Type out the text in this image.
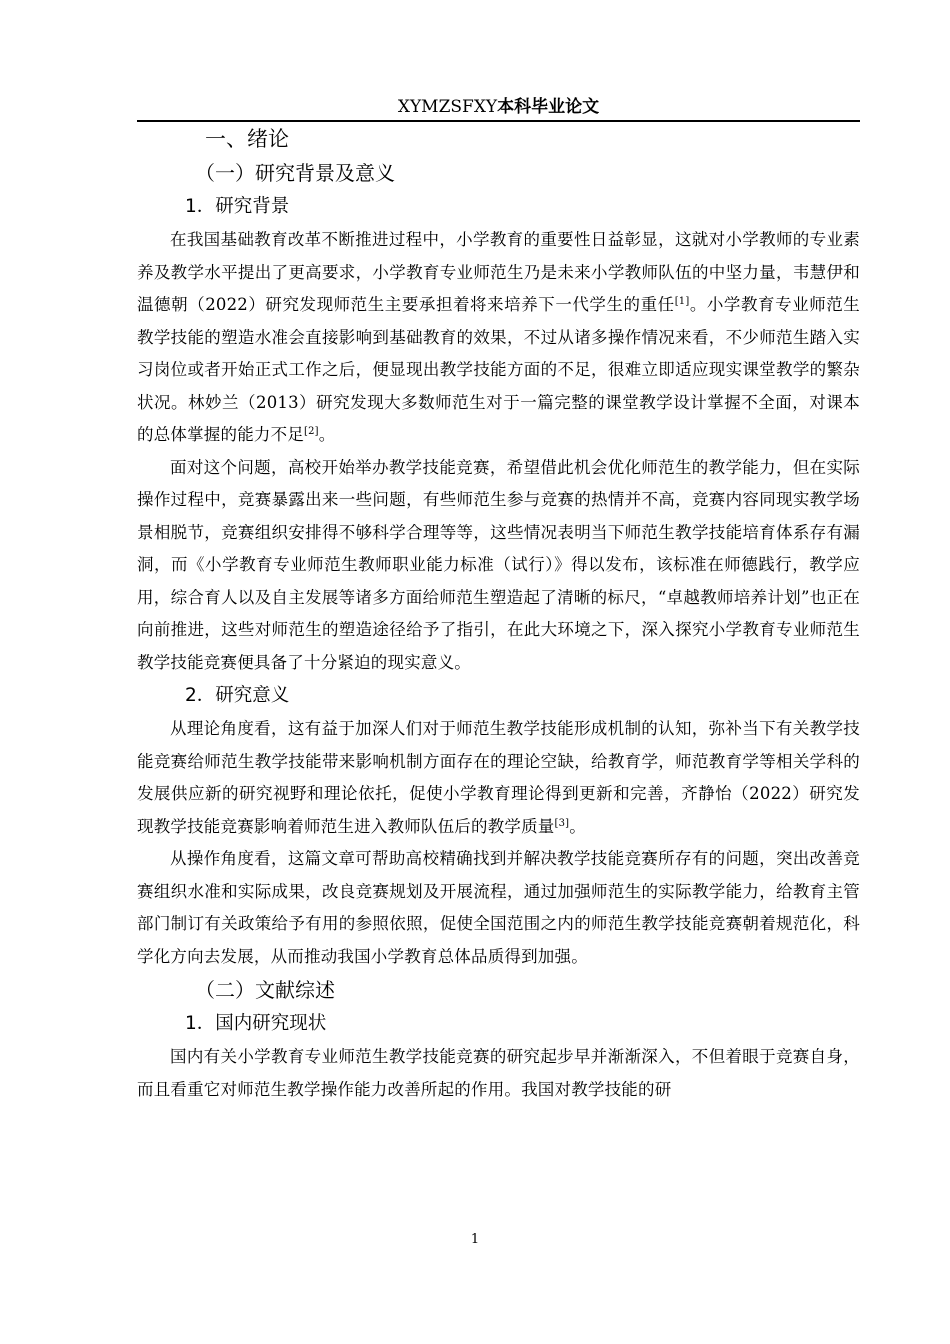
XYMZSFXY本科毕业论文

一、绪论

（一）研究背景及意义

1．研究背景

在我国基础教育改革不断推进过程中，小学教育的重要性日益彰显，这就对小学教师的专业素养及教学水平提出了更高要求，小学教育专业师范生乃是未来小学教师队伍的中坚力量，韦慧伊和温德朝（2022）研究发现师范生主要承担着将来培养下一代学生的重任[1]。小学教育专业师范生教学技能的塑造水准会直接影响到基础教育的效果，不过从诸多操作情况来看，不少师范生踏入实习岗位或者开始正式工作之后，便显现出教学技能方面的不足，很难立即适应现实课堂教学的繁杂状况。林妙兰（2013）研究发现大多数师范生对于一篇完整的课堂教学设计掌握不全面，对课本的总体掌握的能力不足[2]。

面对这个问题，高校开始举办教学技能竞赛，希望借此机会优化师范生的教学能力，但在实际操作过程中，竞赛暴露出来一些问题，有些师范生参与竞赛的热情并不高，竞赛内容同现实教学场景相脱节，竞赛组织安排得不够科学合理等等，这些情况表明当下师范生教学技能培育体系存有漏洞，而《小学教育专业师范生教师职业能力标准（试行）》得以发布，该标准在师德践行，教学应用，综合育人以及自主发展等诸多方面给师范生塑造起了清晰的标尺，“卓越教师培养计划”也正在向前推进，这些对师范生的塑造途径给予了指引，在此大环境之下，深入探究小学教育专业师范生教学技能竞赛便具备了十分紧迫的现实意义。

2．研究意义

从理论角度看，这有益于加深人们对于师范生教学技能形成机制的认知，弥补当下有关教学技能竞赛给师范生教学技能带来影响机制方面存在的理论空缺，给教育学，师范教育学等相关学科的发展供应新的研究视野和理论依托，促使小学教育理论得到更新和完善，齐静怡（2022）研究发现教学技能竞赛影响着师范生进入教师队伍后的教学质量[3]。

从操作角度看，这篇文章可帮助高校精确找到并解决教学技能竞赛所存有的问题，突出改善竞赛组织水准和实际成果，改良竞赛规划及开展流程，通过加强师范生的实际教学能力，给教育主管部门制订有关政策给予有用的参照依照，促使全国范围之内的师范生教学技能竞赛朝着规范化，科学化方向去发展，从而推动我国小学教育总体品质得到加强。

（二）文献综述

1．国内研究现状

国内有关小学教育专业师范生教学技能竞赛的研究起步早并渐渐深入，不但着眼于竞赛自身，而且看重它对师范生教学操作能力改善所起的作用。我国对教学技能的研

1
